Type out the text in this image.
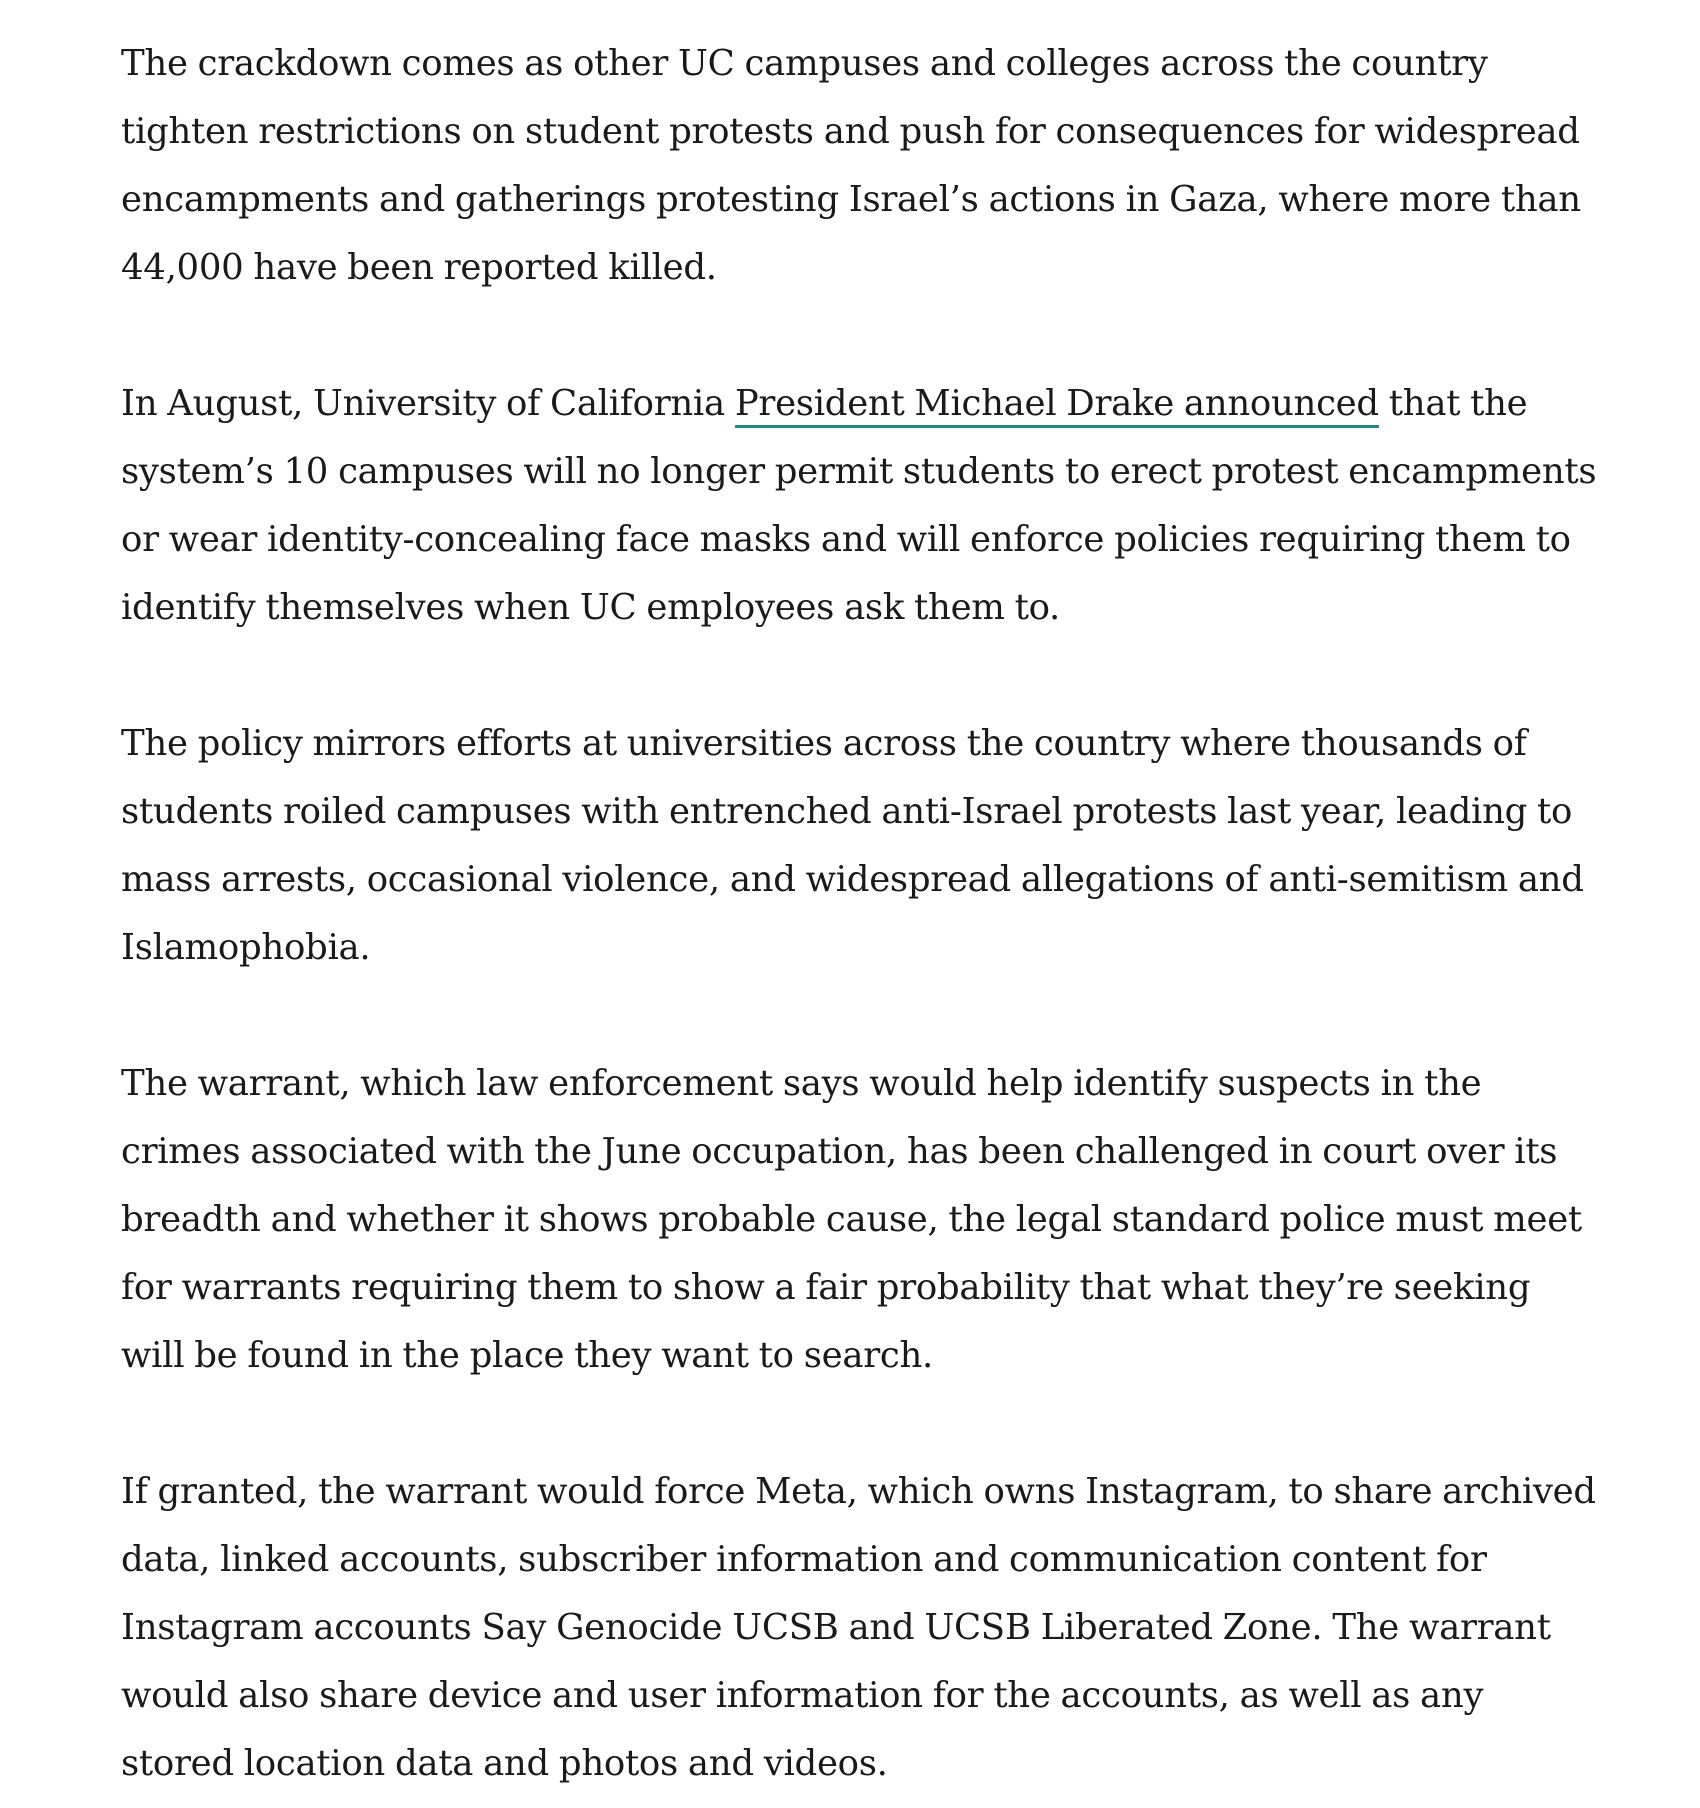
The crackdown comes as other UC campuses and colleges across the country tighten restrictions on student protests and push for consequences for widespread encampments and gatherings protesting Israel’s actions in Gaza, where more than 44,000 have been reported killed.

In August, University of California President Michael Drake announced that the system’s 10 campuses will no longer permit students to erect protest encampments or wear identity-concealing face masks and will enforce policies requiring them to identify themselves when UC employees ask them to.

The policy mirrors efforts at universities across the country where thousands of students roiled campuses with entrenched anti-Israel protests last year, leading to mass arrests, occasional violence, and widespread allegations of anti-semitism and Islamophobia.

The warrant, which law enforcement says would help identify suspects in the crimes associated with the June occupation, has been challenged in court over its breadth and whether it shows probable cause, the legal standard police must meet for warrants requiring them to show a fair probability that what they’re seeking will be found in the place they want to search.

If granted, the warrant would force Meta, which owns Instagram, to share archived data, linked accounts, subscriber information and communication content for Instagram accounts Say Genocide UCSB and UCSB Liberated Zone. The warrant would also share device and user information for the accounts, as well as any stored location data and photos and videos.
